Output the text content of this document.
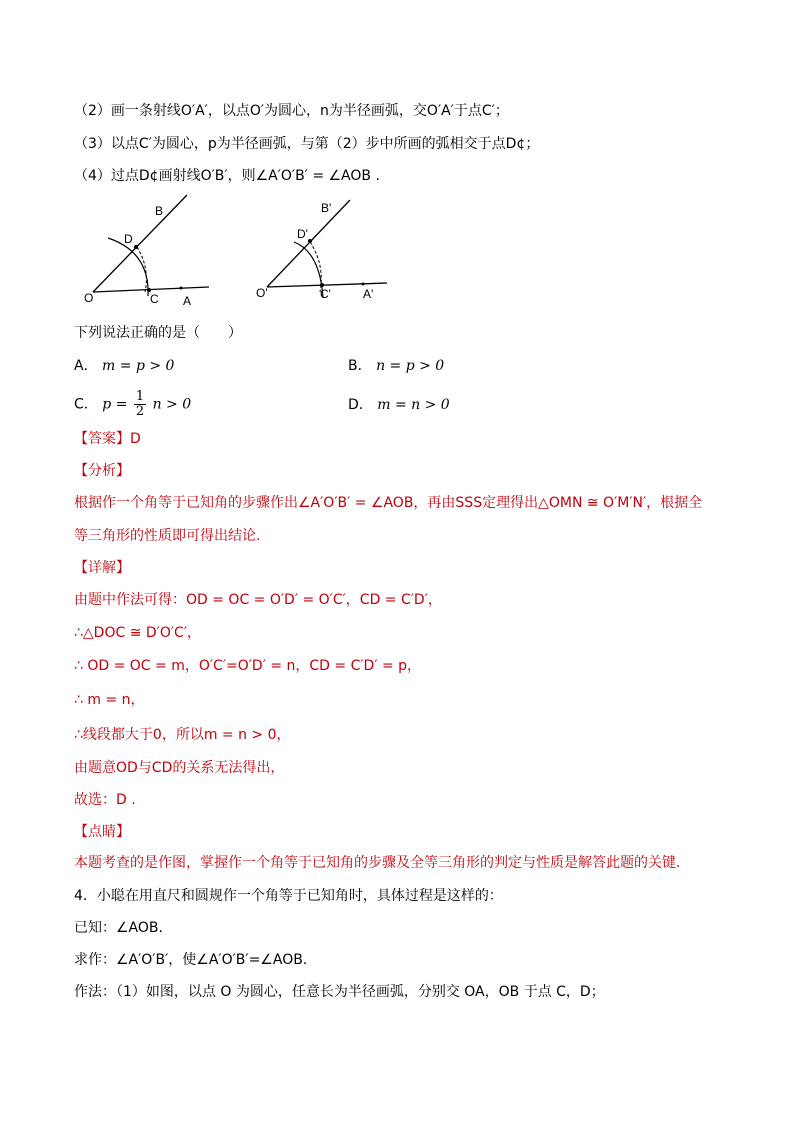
（2）画一条射线O′A′，以点O′为圆心，n为半径画弧，交O′A′于点C′；
（3）以点C′为圆心，p为半径画弧，与第（2）步中所画的弧相交于点D¢；
（4）过点D¢画射线O′B′，则∠A′O′B′ = ∠AOB .
B
D
O	C A
B'
D'
O'	C'	A'
下列说法正确的是（　　）
A． m = p > 0	B． n = p > 0
C． $p = \frac{1}{2}$ n > 0	D． m = n > 0
【答案】D
【分析】
根据作一个角等于已知角的步骤作出∠A′O′B′ = ∠AOB，再由SSS定理得出△OMN ≅ O′M′N′，根据全
等三角形的性质即可得出结论.
【详解】
由题中作法可得：OD = OC = O′D′ = O′C′，CD = C′D′，
∴△DOC ≅ D′O′C′，
∴ OD = OC = m，O′C′=O′D′ = n，CD = C′D′ = p，
∴ m = n，
∴线段都大于0，所以m = n > 0，
由题意OD与CD的关系无法得出，
故选：D .
【点睛】
本题考查的是作图，掌握作一个角等于已知角的步骤及全等三角形的判定与性质是解答此题的关键.
4．小聪在用直尺和圆规作一个角等于已知角时，具体过程是这样的：
已知：∠AOB.
求作：∠A′O′B′，使∠A′O′B′=∠AOB.
作法：（1）如图，以点 O 为圆心，任意长为半径画弧，分别交 OA，OB 于点 C，D；
